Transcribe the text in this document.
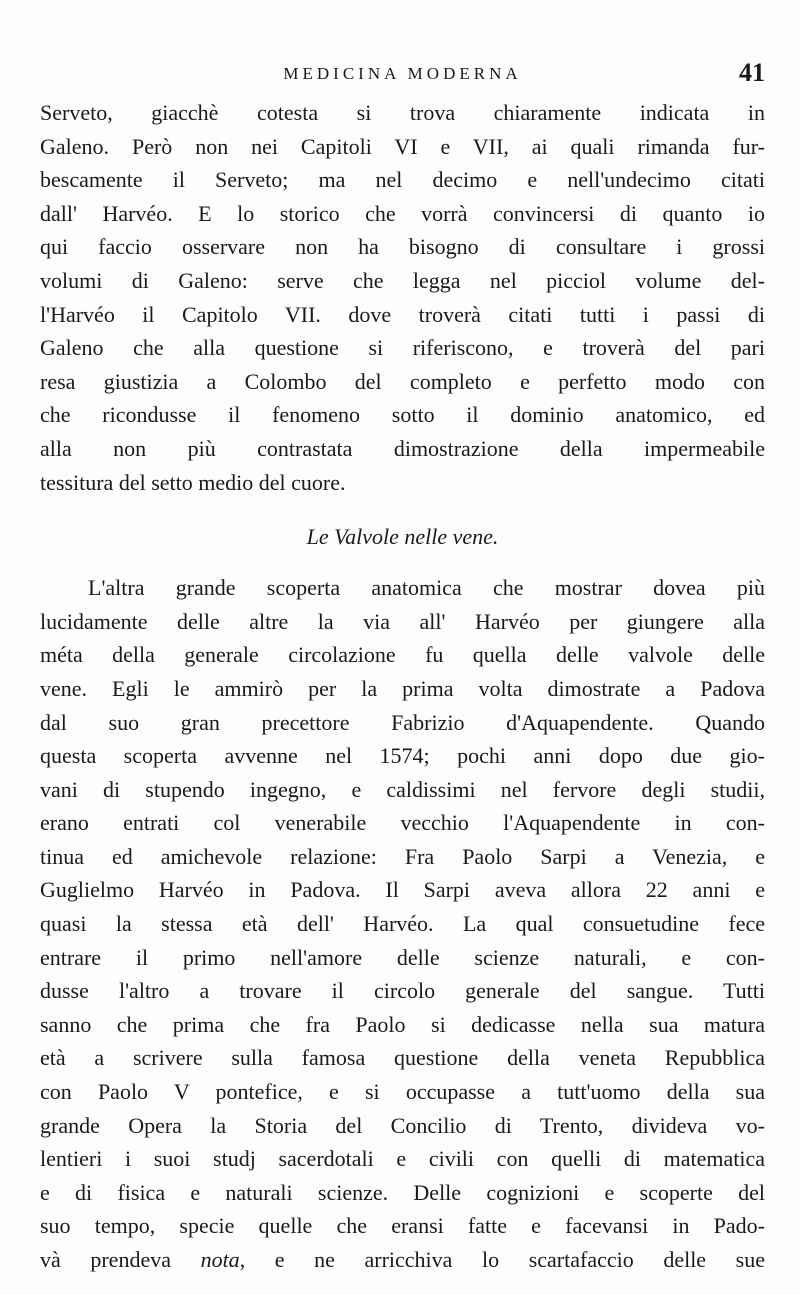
MEDICINA MODERNA	41
Serveto, giacchè cotesta si trova chiaramente indicata in
Galeno. Però non nei Capitoli VI e VII, ai quali rimanda fur-
bescamente il Serveto; ma nel decimo e nell'undecimo citati
dall' Harvéo. E lo storico che vorrà convincersi di quanto io
qui faccio osservare non ha bisogno di consultare i grossi
volumi di Galeno: serve che legga nel picciol volume del-
l'Harvéo il Capitolo VII. dove troverà citati tutti i passi di
Galeno che alla questione si riferiscono, e troverà del pari
resa giustizia a Colombo del completo e perfetto modo con
che ricondusse il fenomeno sotto il dominio anatomico, ed
alla non più contrastata dimostrazione della impermeabile
tessitura del setto medio del cuore.
Le Valvole nelle vene.
L'altra grande scoperta anatomica che mostrar dovea più
lucidamente delle altre la via all' Harvéo per giungere alla
méta della generale circolazione fu quella delle valvole delle
vene. Egli le ammirò per la prima volta dimostrate a Padova
dal suo gran precettore Fabrizio d'Aquapendente. Quando
questa scoperta avvenne nel 1574; pochi anni dopo due gio-
vani di stupendo ingegno, e caldissimi nel fervore degli studii,
erano entrati col venerabile vecchio l'Aquapendente in con-
tinua ed amichevole relazione: Fra Paolo Sarpi a Venezia, e
Guglielmo Harvéo in Padova. Il Sarpi aveva allora 22 anni e
quasi la stessa età dell' Harvéo. La qual consuetudine fece
entrare il primo nell'amore delle scienze naturali, e con-
dusse l'altro a trovare il circolo generale del sangue. Tutti
sanno che prima che fra Paolo si dedicasse nella sua matura
età a scrivere sulla famosa questione della veneta Repubblica
con Paolo V pontefice, e si occupasse a tutt'uomo della sua
grande Opera la Storia del Concilio di Trento, divideva vo-
lentieri i suoi studj sacerdotali e civili con quelli di matematica
e di fisica e naturali scienze. Delle cognizioni e scoperte del
suo tempo, specie quelle che eransi fatte e facevansi in Pado-
và prendeva nota, e ne arricchiva lo scartafaccio delle sue
